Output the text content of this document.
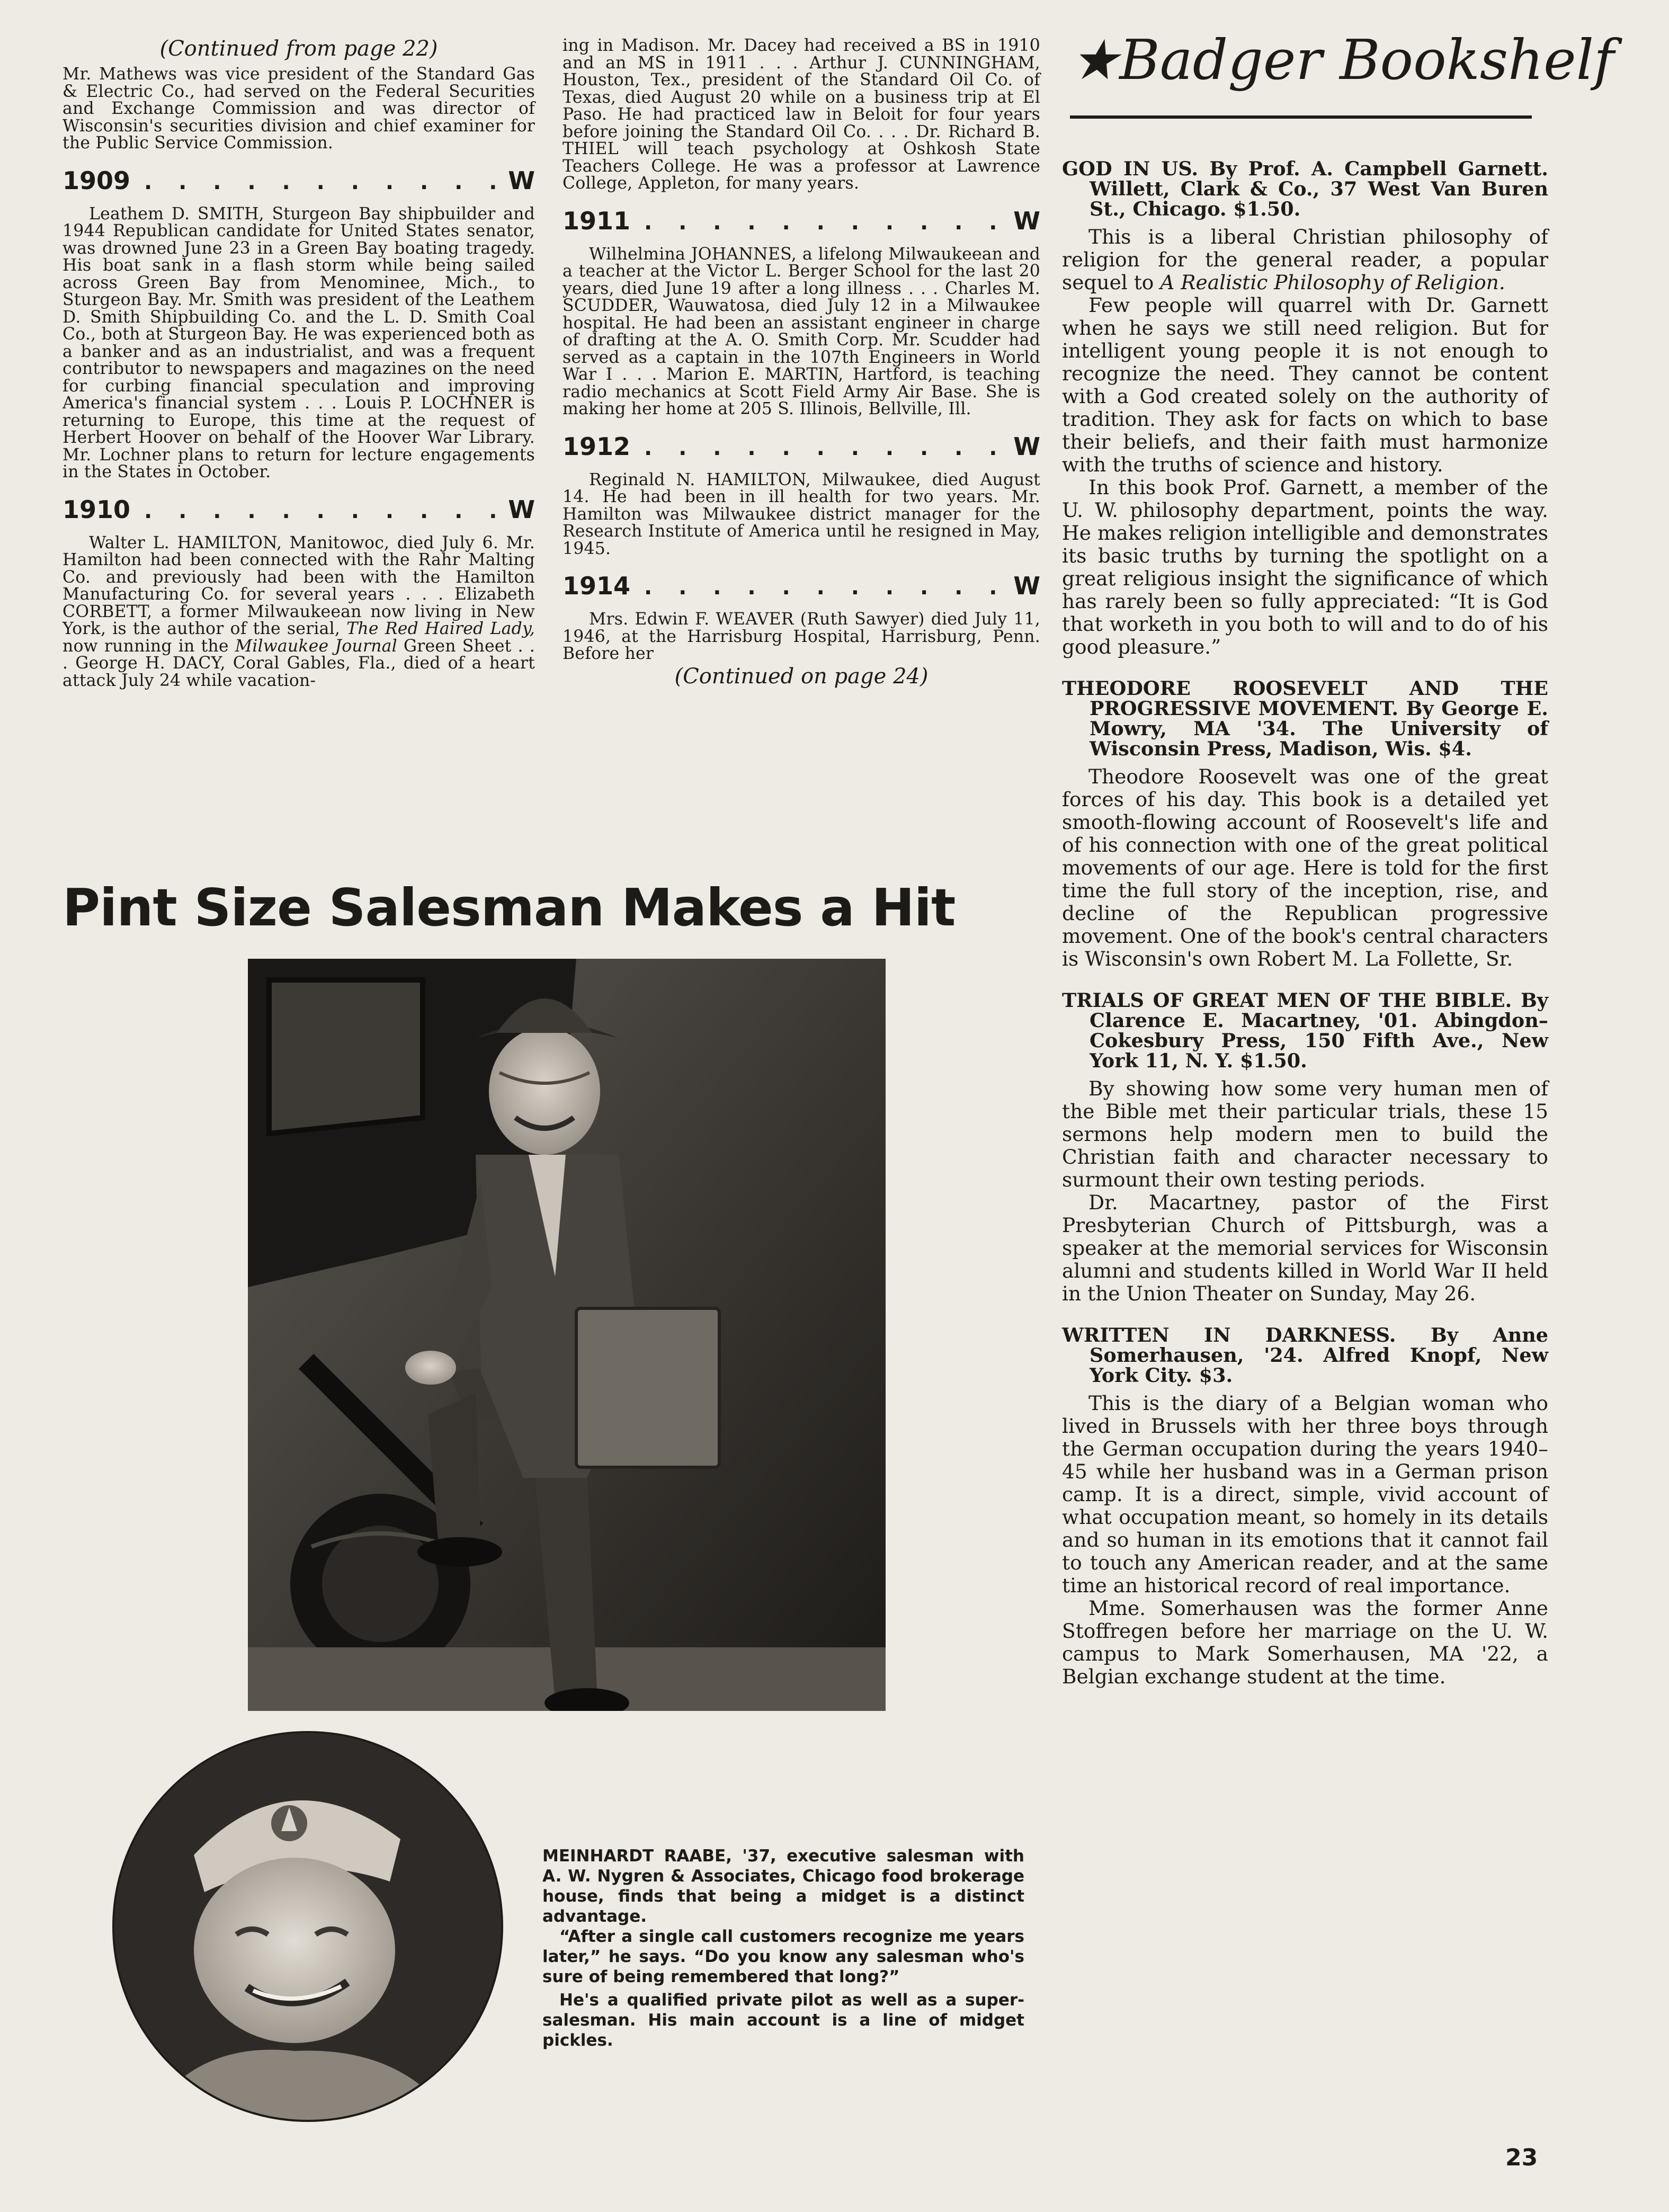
(Continued from page 22)

Mr. Mathews was vice president of the Standard Gas & Electric Co., had served on the Federal Securities and Exchange Commission and was director of Wisconsin's securities division and chief examiner for the Public Service Commission.

1909 . . . . . . . . . . . W

Leathem D. SMITH, Sturgeon Bay shipbuilder and 1944 Republican candidate for United States senator, was drowned June 23 in a Green Bay boating tragedy. His boat sank in a flash storm while being sailed across Green Bay from Menominee, Mich., to Sturgeon Bay. Mr. Smith was president of the Leathem D. Smith Shipbuilding Co. and the L. D. Smith Coal Co., both at Sturgeon Bay. He was experienced both as a banker and as an industrialist, and was a frequent contributor to newspapers and magazines on the need for curbing financial speculation and improving America's financial system . . . Louis P. LOCHNER is returning to Europe, this time at the request of Herbert Hoover on behalf of the Hoover War Library. Mr. Lochner plans to return for lecture engagements in the States in October.

1910 . . . . . . . . . . . W

Walter L. HAMILTON, Manitowoc, died July 6. Mr. Hamilton had been connected with the Rahr Malting Co. and previously had been with the Hamilton Manufacturing Co. for several years . . . Elizabeth CORBETT, a former Milwaukeean now living in New York, is the author of the serial, The Red Haired Lady, now running in the Milwaukee Journal Green Sheet . . . George H. DACY, Coral Gables, Fla., died of a heart attack July 24 while vacation-

ing in Madison. Mr. Dacey had received a BS in 1910 and an MS in 1911 . . . Arthur J. CUNNINGHAM, Houston, Tex., president of the Standard Oil Co. of Texas, died August 20 while on a business trip at El Paso. He had practiced law in Beloit for four years before joining the Standard Oil Co. . . . Dr. Richard B. THIEL will teach psychology at Oshkosh State Teachers College. He was a professor at Lawrence College, Appleton, for many years.

1911 . . . . . . . . . . . W

Wilhelmina JOHANNES, a lifelong Milwaukeean and a teacher at the Victor L. Berger School for the last 20 years, died June 19 after a long illness . . . Charles M. SCUDDER, Wauwatosa, died July 12 in a Milwaukee hospital. He had been an assistant engineer in charge of drafting at the A. O. Smith Corp. Mr. Scudder had served as a captain in the 107th Engineers in World War I . . . Marion E. MARTIN, Hartford, is teaching radio mechanics at Scott Field Army Air Base. She is making her home at 205 S. Illinois, Bellville, Ill.

1912 . . . . . . . . . . . W

Reginald N. HAMILTON, Milwaukee, died August 14. He had been in ill health for two years. Mr. Hamilton was Milwaukee district manager for the Research Institute of America until he resigned in May, 1945.

1914 . . . . . . . . . . . W

Mrs. Edwin F. WEAVER (Ruth Sawyer) died July 11, 1946, at the Harrisburg Hospital, Harrisburg, Penn. Before her

(Continued on page 24)

★Badger Bookshelf

GOD IN US. By Prof. A. Campbell Garnett. Willett, Clark & Co., 37 West Van Buren St., Chicago. $1.50.

This is a liberal Christian philosophy of religion for the general reader, a popular sequel to A Realistic Philosophy of Religion.

Few people will quarrel with Dr. Garnett when he says we still need religion. But for intelligent young people it is not enough to recognize the need. They cannot be content with a God created solely on the authority of tradition. They ask for facts on which to base their beliefs, and their faith must harmonize with the truths of science and history.

In this book Prof. Garnett, a member of the U. W. philosophy department, points the way. He makes religion intelligible and demonstrates its basic truths by turning the spotlight on a great religious insight the significance of which has rarely been so fully appreciated: “It is God that worketh in you both to will and to do of his good pleasure.”

THEODORE ROOSEVELT AND THE PROGRESSIVE MOVEMENT. By George E. Mowry, MA '34. The University of Wisconsin Press, Madison, Wis. $4.

Theodore Roosevelt was one of the great forces of his day. This book is a detailed yet smooth-flowing account of Roosevelt's life and of his connection with one of the great political movements of our age. Here is told for the first time the full story of the inception, rise, and decline of the Republican progressive movement. One of the book's central characters is Wisconsin's own Robert M. La Follette, Sr.

TRIALS OF GREAT MEN OF THE BIBLE. By Clarence E. Macartney, '01. Abingdon–Cokesbury Press, 150 Fifth Ave., New York 11, N. Y. $1.50.

By showing how some very human men of the Bible met their particular trials, these 15 sermons help modern men to build the Christian faith and character necessary to surmount their own testing periods.

Dr. Macartney, pastor of the First Presbyterian Church of Pittsburgh, was a speaker at the memorial services for Wisconsin alumni and students killed in World War II held in the Union Theater on Sunday, May 26.

WRITTEN IN DARKNESS. By Anne Somerhausen, '24. Alfred Knopf, New York City. $3.

This is the diary of a Belgian woman who lived in Brussels with her three boys through the German occupation during the years 1940–45 while her husband was in a German prison camp. It is a direct, simple, vivid account of what occupation meant, so homely in its details and so human in its emotions that it cannot fail to touch any American reader, and at the same time an historical record of real importance.

Mme. Somerhausen was the former Anne Stoffregen before her marriage on the U. W. campus to Mark Somerhausen, MA '22, a Belgian exchange student at the time.

Pint Size Salesman Makes a Hit

MEINHARDT RAABE, '37, executive salesman with A. W. Nygren & Associates, Chicago food brokerage house, finds that being a midget is a distinct advantage.

“After a single call customers recognize me years later,” he says. “Do you know any salesman who's sure of being remembered that long?”

He's a qualified private pilot as well as a super-salesman. His main account is a line of midget pickles.

23
